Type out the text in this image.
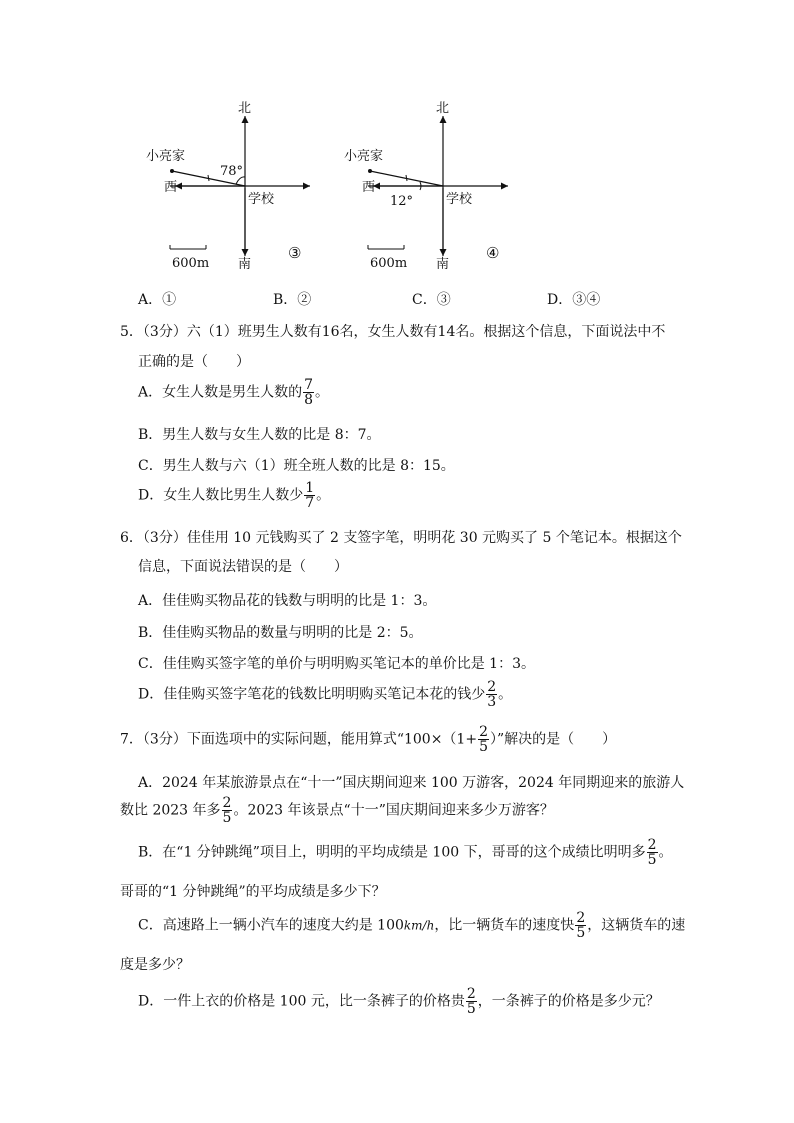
北
小亮家
78°
西
学校
600m 南
③
北
小亮家
西
12°	学校
600m 南
④
A．①	B．②	C．③	D．③④
5．（3分）六（1）班男生人数有16名，女生人数有14名。根据这个信息，下面说法中不
正确的是（　　）
A．女生人数是男生人数的 $\frac{7}{8}$ 。
B．男生人数与女生人数的比是 8：7。
C．男生人数与六（1）班全班人数的比是 8：15。
D．女生人数比男生人数少 $\frac{1}{7}$ 。
6．（3分）佳佳用 10 元钱购买了 2 支签字笔，明明花 30 元购买了 5 个笔记本。根据这个
信息，下面说法错误的是（　　）
A．佳佳购买物品花的钱数与明明的比是 1：3。
B．佳佳购买物品的数量与明明的比是 2：5。
C．佳佳购买签字笔的单价与明明购买笔记本的单价比是 1：3。
D．佳佳购买签字笔花的钱数比明明购买笔记本花的钱少 $\frac{2}{3}$ 。
7．（3分）下面选项中的实际问题，能用算式“$100\times(1+ \frac{2}{5}$ ）”解决的是（　　）
A．2024 年某旅游景点在“十一”国庆期间迎来 100 万游客，2024 年同期迎来的旅游人
数比 2023 年多 $\frac{2}{5}$ 。2023 年该景点“十一”国庆期间迎来多少万游客？
B．在“1 分钟跳绳”项目上，明明的平均成绩是 100 下，哥哥的这个成绩比明明多 $\frac{2}{5}$ 。
哥哥的“1 分钟跳绳”的平均成绩是多少下？
C．高速路上一辆小汽车的速度大约是 100km/h，比一辆货车的速度快 $\frac{2}{5}$ ，这辆货车的速
度是多少？
D．一件上衣的价格是 100 元，比一条裤子的价格贵 $\frac{2}{5}$ ，一条裤子的价格是多少元？
